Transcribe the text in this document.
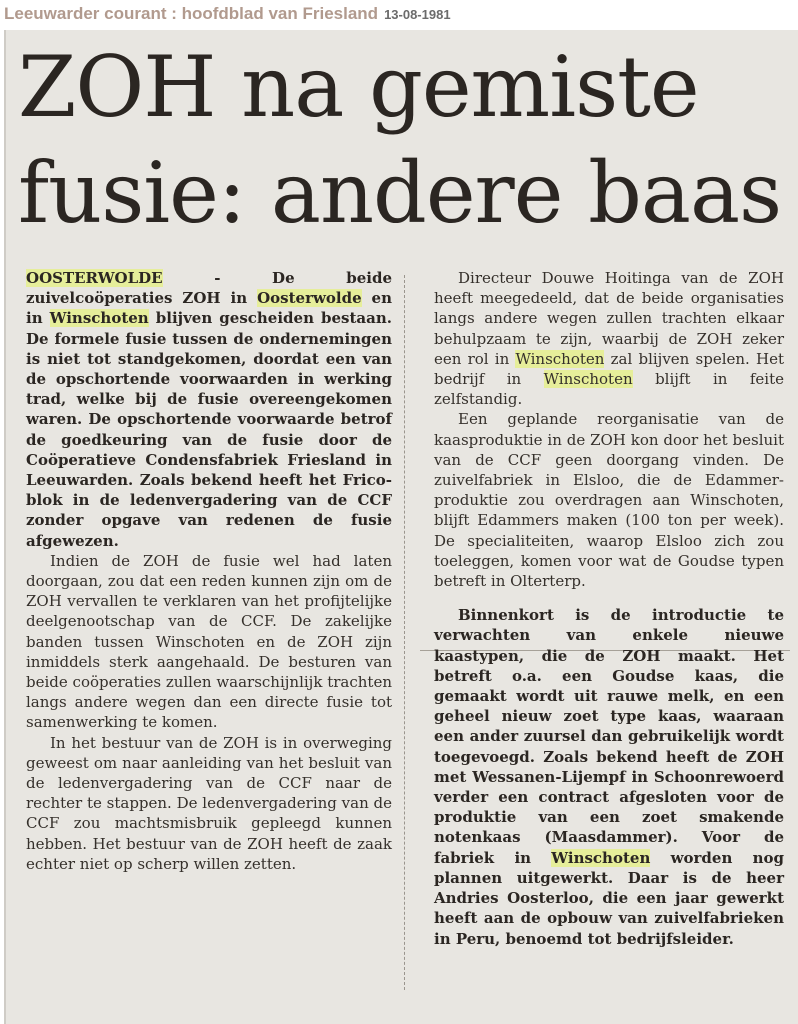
Leeuwarder courant : hoofdblad van Friesland 13-08-1981
ZOH na gemiste fusie: andere baas

OOSTERWOLDE - De beide zuivelcoöperaties ZOH in Oosterwolde en in Winschoten blijven gescheiden bestaan. De formele fusie tussen de ondernemingen is niet tot standgekomen, doordat een van de opschortende voorwaarden in werking trad, welke bij de fusie overeengekomen waren. De opschortende voorwaarde betrof de goedkeuring van de fusie door de Coöperatieve Condensfabriek Friesland in Leeuwarden. Zoals bekend heeft het Frico-blok in de ledenvergadering van de CCF zonder opgave van redenen de fusie afgewezen.

Indien de ZOH de fusie wel had laten doorgaan, zou dat een reden kunnen zijn om de ZOH vervallen te verklaren van het profijtelijke deelgenootschap van de CCF. De zakelijke banden tussen Winschoten en de ZOH zijn inmiddels sterk aangehaald. De besturen van beide coöperaties zullen waarschijnlijk trachten langs andere wegen dan een directe fusie tot samenwerking te komen.

In het bestuur van de ZOH is in overweging geweest om naar aanleiding van het besluit van de ledenvergadering van de CCF naar de rechter te stappen. De ledenvergadering van de CCF zou machtsmisbruik gepleegd kunnen hebben. Het bestuur van de ZOH heeft de zaak echter niet op scherp willen zetten.

Directeur Douwe Hoitinga van de ZOH heeft meegedeeld, dat de beide organisaties langs andere wegen zullen trachten elkaar behulpzaam te zijn, waarbij de ZOH zeker een rol in Winschoten zal blijven spelen. Het bedrijf in Winschoten blijft in feite zelfstandig.

Een geplande reorganisatie van de kaasproduktie in de ZOH kon door het besluit van de CCF geen doorgang vinden. De zuivelfabriek in Elsloo, die de Edammer-produktie zou overdragen aan Winschoten, blijft Edammers maken (100 ton per week). De specialiteiten, waarop Elsloo zich zou toeleggen, komen voor wat de Goudse typen betreft in Olterterp.

Binnenkort is de introductie te verwachten van enkele nieuwe kaastypen, die de ZOH maakt. Het betreft o.a. een Goudse kaas, die gemaakt wordt uit rauwe melk, en een geheel nieuw zoet type kaas, waaraan een ander zuursel dan gebruikelijk wordt toegevoegd. Zoals bekend heeft de ZOH met Wessanen-Lijempf in Schoonrewoerd verder een contract afgesloten voor de produktie van een zoet smakende notenkaas (Maasdammer). Voor de fabriek in Winschoten worden nog plannen uitgewerkt. Daar is de heer Andries Oosterloo, die een jaar gewerkt heeft aan de opbouw van zuivelfabrieken in Peru, benoemd tot bedrijfsleider.
